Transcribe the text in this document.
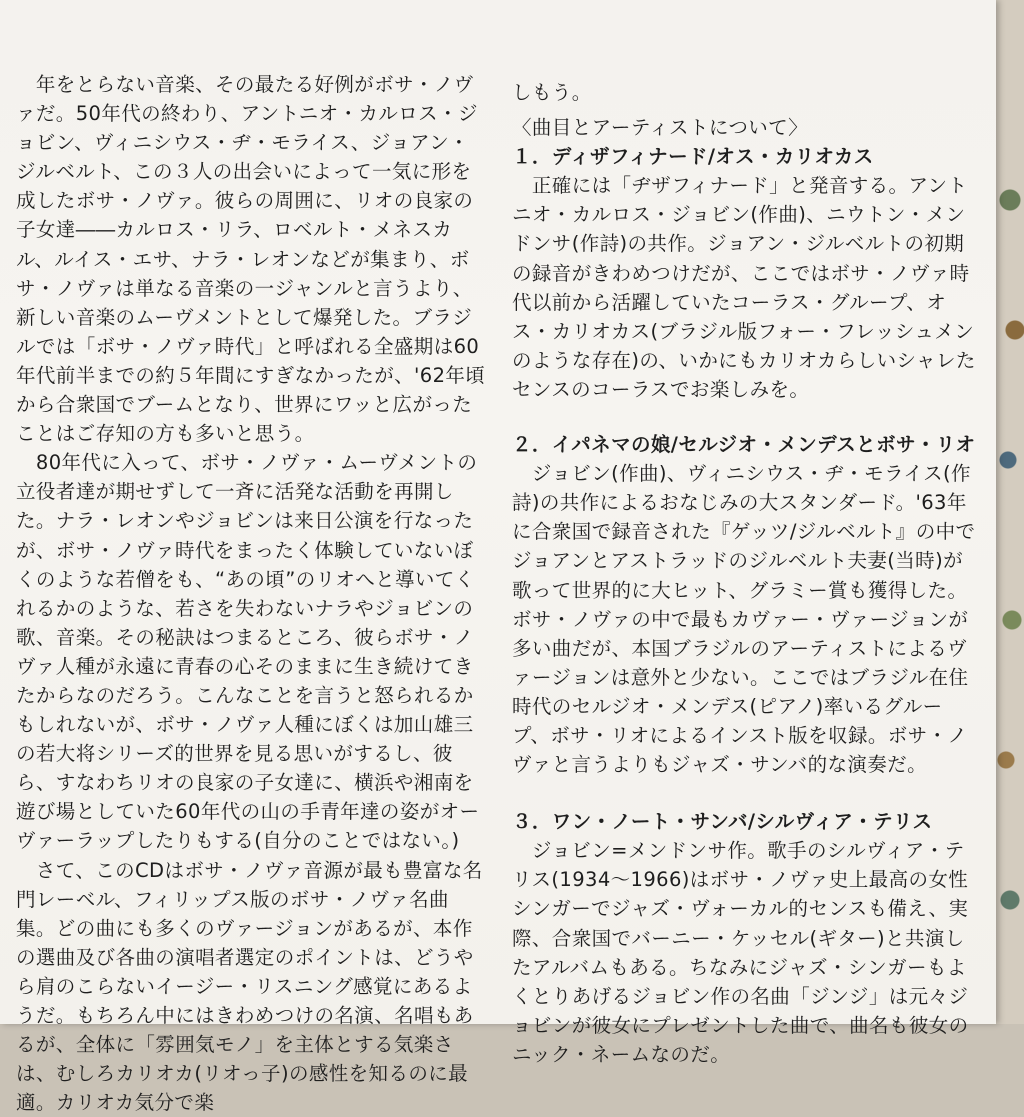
　年をとらない音楽、その最たる好例がボサ・ノヴァだ。50年代の終わり、アントニオ・カルロス・ジョビン、ヴィニシウス・ヂ・モライス、ジョアン・ジルベルト、この３人の出会いによって一気に形を成したボサ・ノヴァ。彼らの周囲に、リオの良家の子女達――カルロス・リラ、ロベルト・メネスカル、ルイス・エサ、ナラ・レオンなどが集まり、ボサ・ノヴァは単なる音楽の一ジャンルと言うより、新しい音楽のムーヴメントとして爆発した。ブラジルでは「ボサ・ノヴァ時代」と呼ばれる全盛期は60年代前半までの約５年間にすぎなかったが、'62年頃から合衆国でブームとなり、世界にワッと広がったことはご存知の方も多いと思う。

　80年代に入って、ボサ・ノヴァ・ムーヴメントの立役者達が期せずして一斉に活発な活動を再開した。ナラ・レオンやジョビンは来日公演を行なったが、ボサ・ノヴァ時代をまったく体験していないぼくのような若僧をも、“あの頃”のリオへと導いてくれるかのような、若さを失わないナラやジョビンの歌、音楽。その秘訣はつまるところ、彼らボサ・ノヴァ人種が永遠に青春の心そのままに生き続けてきたからなのだろう。こんなことを言うと怒られるかもしれないが、ボサ・ノヴァ人種にぼくは加山雄三の若大将シリーズ的世界を見る思いがするし、彼ら、すなわちリオの良家の子女達に、横浜や湘南を遊び場としていた60年代の山の手青年達の姿がオーヴァーラップしたりもする(自分のことではない。)

　さて、このCDはボサ・ノヴァ音源が最も豊富な名門レーベル、フィリップス版のボサ・ノヴァ名曲集。どの曲にも多くのヴァージョンがあるが、本作の選曲及び各曲の演唱者選定のポイントは、どうやら肩のこらないイージー・リスニング感覚にあるようだ。もちろん中にはきわめつけの名演、名唱もあるが、全体に「雰囲気モノ」を主体とする気楽さは、むしろカリオカ(リオっ子)の感性を知るのに最適。カリオカ気分で楽

しもう。

〈曲目とアーティストについて〉

１．ディザフィナード/オス・カリオカス

　正確には「ヂザフィナード」と発音する。アントニオ・カルロス・ジョビン(作曲)、ニウトン・メンドンサ(作詩)の共作。ジョアン・ジルベルトの初期の録音がきわめつけだが、ここではボサ・ノヴァ時代以前から活躍していたコーラス・グループ、オス・カリオカス(ブラジル版フォー・フレッシュメンのような存在)の、いかにもカリオカらしいシャレたセンスのコーラスでお楽しみを。

２．イパネマの娘/セルジオ・メンデスとボサ・リオ

　ジョビン(作曲)、ヴィニシウス・ヂ・モライス(作詩)の共作によるおなじみの大スタンダード。'63年に合衆国で録音された『ゲッツ/ジルベルト』の中でジョアンとアストラッドのジルベルト夫妻(当時)が歌って世界的に大ヒット、グラミー賞も獲得した。ボサ・ノヴァの中で最もカヴァー・ヴァージョンが多い曲だが、本国ブラジルのアーティストによるヴァージョンは意外と少ない。ここではブラジル在住時代のセルジオ・メンデス(ピアノ)率いるグループ、ボサ・リオによるインスト版を収録。ボサ・ノヴァと言うよりもジャズ・サンバ的な演奏だ。

３．ワン・ノート・サンバ/シルヴィア・テリス

　ジョビン=メンドンサ作。歌手のシルヴィア・テリス(1934〜1966)はボサ・ノヴァ史上最高の女性シンガーでジャズ・ヴォーカル的センスも備え、実際、合衆国でバーニー・ケッセル(ギター)と共演したアルバムもある。ちなみにジャズ・シンガーもよくとりあげるジョビン作の名曲「ジンジ」は元々ジョビンが彼女にプレゼントした曲で、曲名も彼女のニック・ネームなのだ。
